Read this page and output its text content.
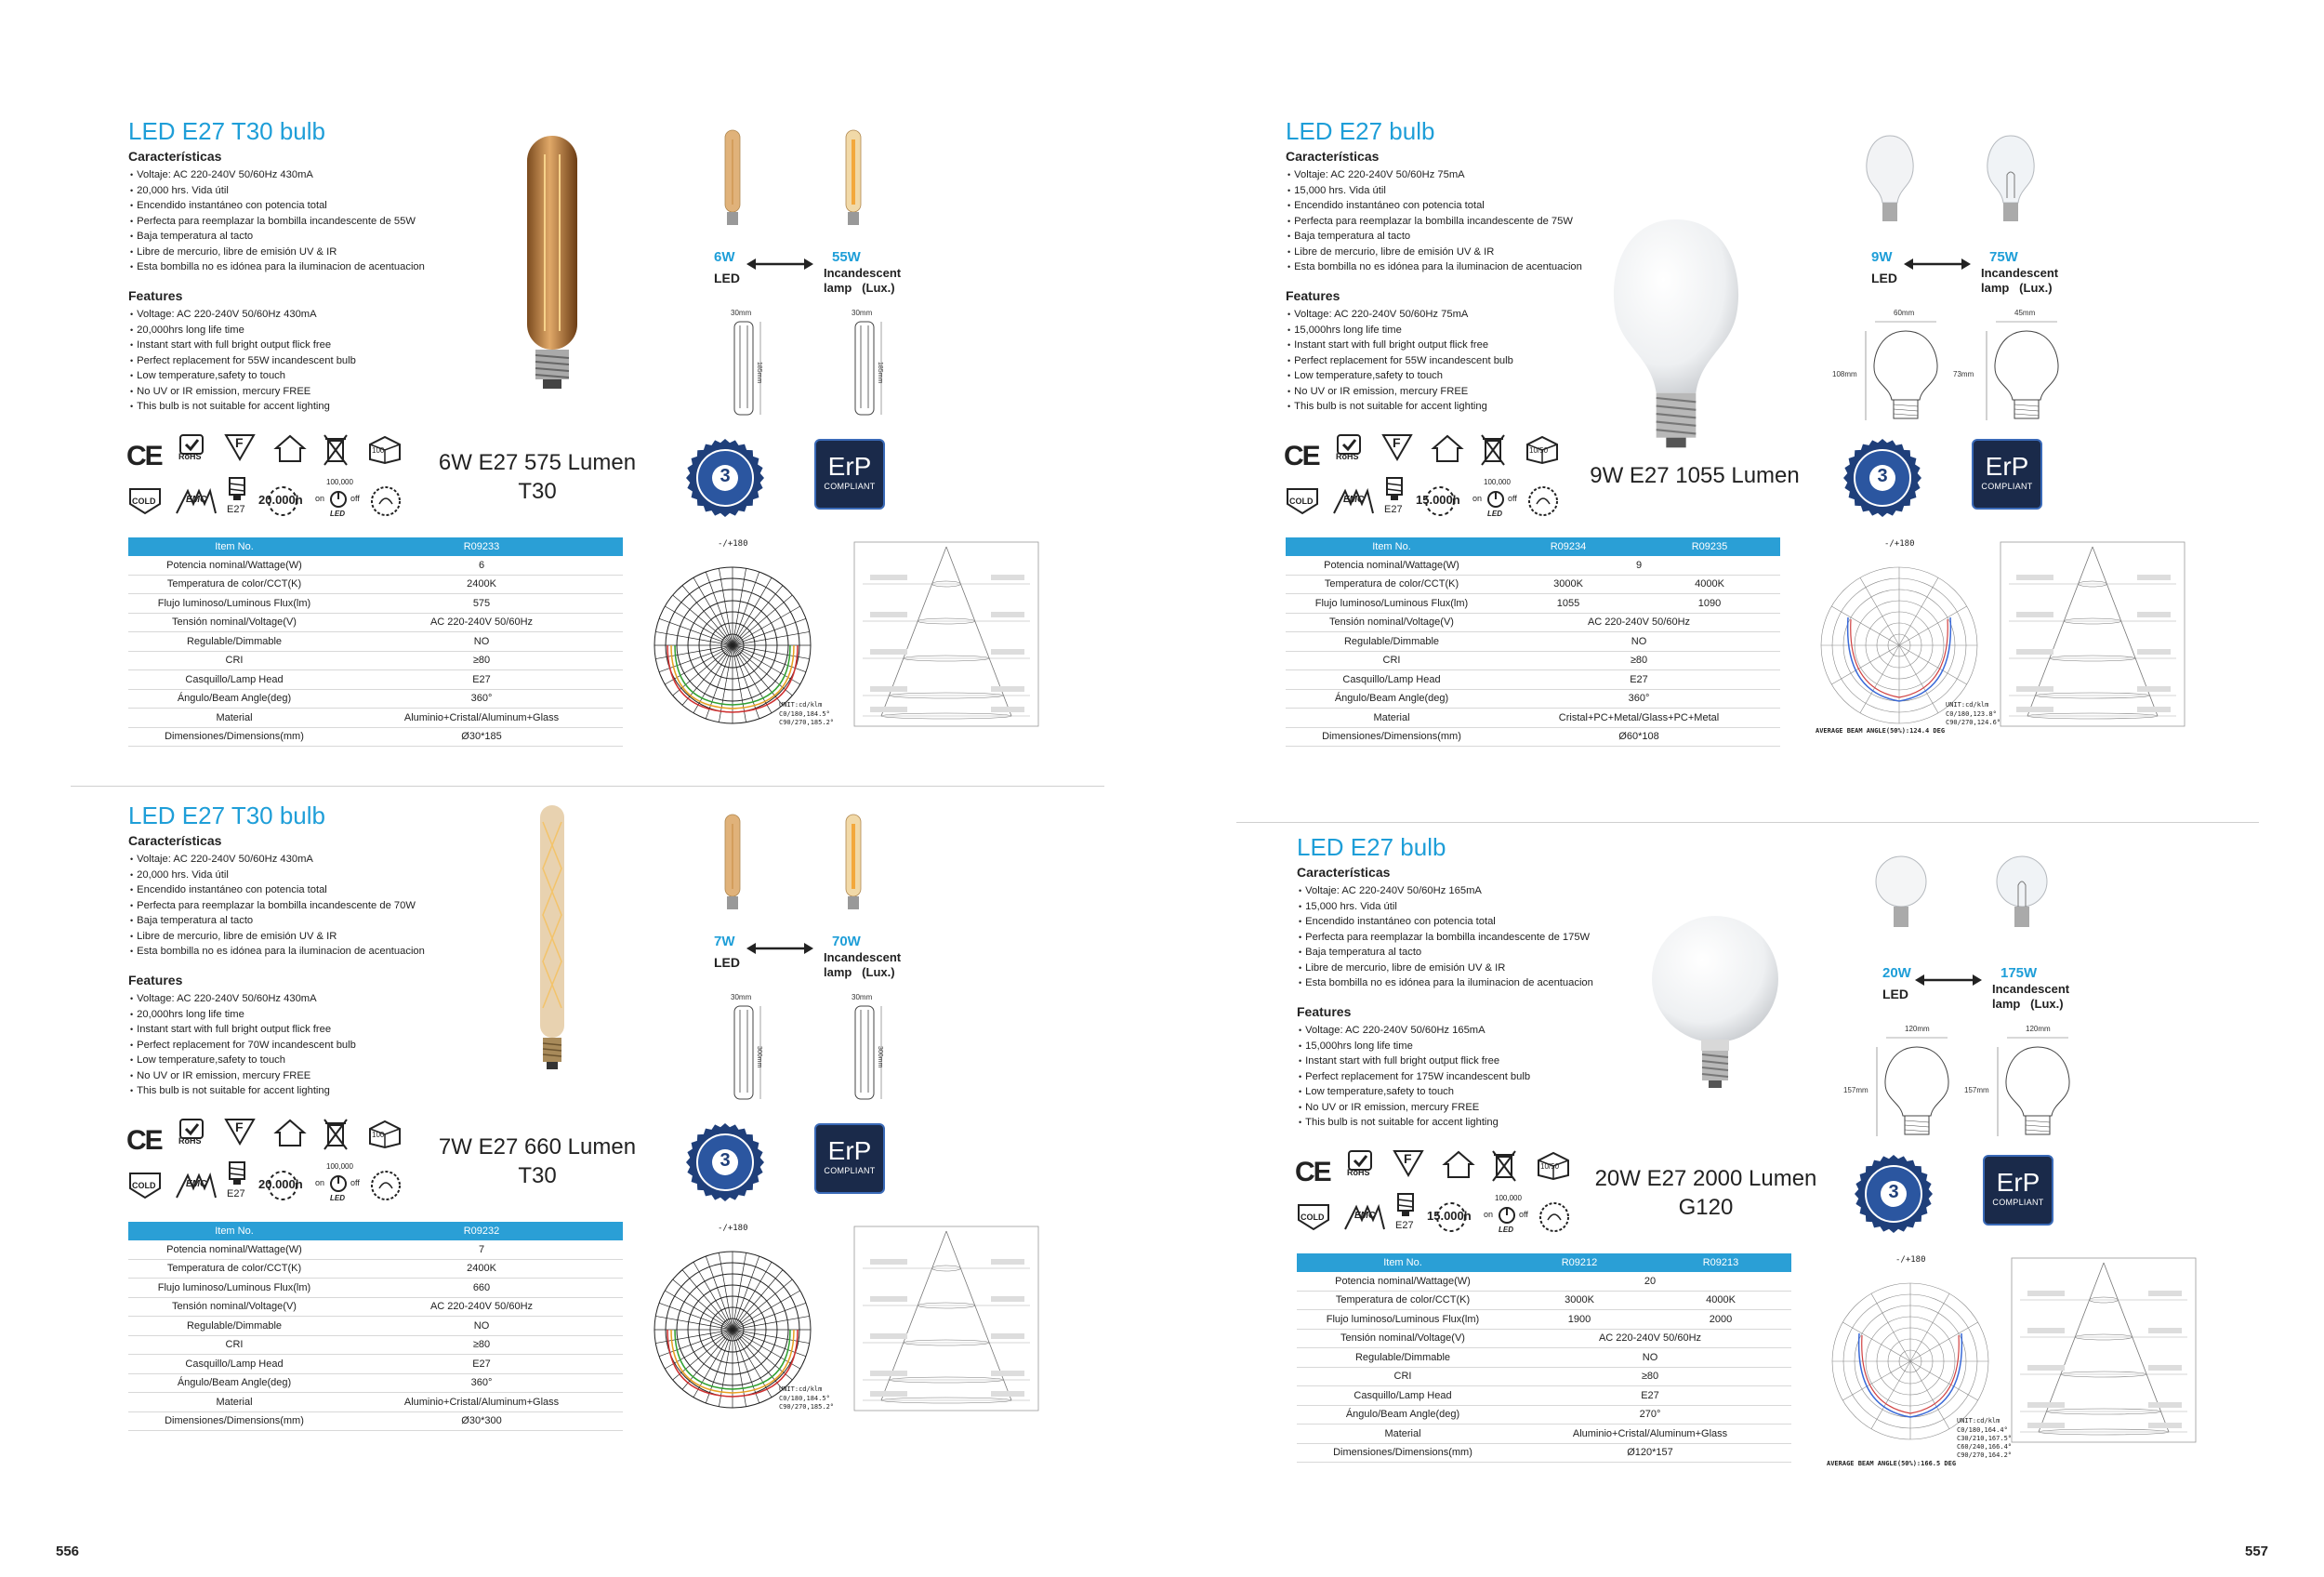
LED E27 T30 bulb
Características
• Voltaje: AC 220-240V 50/60Hz 430mA
• 20,000 hrs. Vida útil
• Encendido instantáneo con potencia total
• Perfecta para reemplazar la bombilla incandescente de 55W
• Baja temperatura al tacto
• Libre de mercurio, libre de emisión UV & IR
• Esta bombilla no es idónea para la iluminacion de acentuacion
Features
• Voltage: AC 220-240V 50/60Hz 430mA
• 20,000hrs long life time
• Instant start with full bright output flick free
• Perfect replacement for 55W incandescent bulb
• Low temperature,safety to touch
• No UV or IR emission, mercury FREE
• This bulb is not suitable for accent lighting
6W
LED
55W
Incandescent
lamp   (Lux.)
30mm
185mm
30mm
185mm
CE RoHS
F
100
COLD	EMC
E27
20.000h
100,000
on	off
LED
6W E27 575 Lumen
T30
3	ErP
COMPLIANT
Item No.	R09233
Potencia nominal/Wattage(W)	6
Temperatura de color/CCT(K)	2400K
Flujo luminoso/Luminous Flux(lm)	575
Tensión nominal/Voltage(V)	AC 220-240V 50/60Hz
Regulable/Dimmable	NO
CRI	≥80
Casquillo/Lamp Head	E27
Ángulo/Beam Angle(deg)	360°
Material	Aluminio+Cristal/Aluminum+Glass
Dimensiones/Dimensions(mm)	Ø30*185
-/+180
UNIT:cd/klm
C0/180,184.5°
C90/270,185.2°
LED E27 T30 bulb
Características
• Voltaje: AC 220-240V 50/60Hz 430mA
• 20,000 hrs. Vida útil
• Encendido instantáneo con potencia total
• Perfecta para reemplazar la bombilla incandescente de 70W
• Baja temperatura al tacto
• Libre de mercurio, libre de emisión UV & IR
• Esta bombilla no es idónea para la iluminacion de acentuacion
Features
• Voltage: AC 220-240V 50/60Hz 430mA
• 20,000hrs long life time
• Instant start with full bright output flick free
• Perfect replacement for 70W incandescent bulb
• Low temperature,safety to touch
• No UV or IR emission, mercury FREE
• This bulb is not suitable for accent lighting
7W
LED
70W
Incandescent
lamp   (Lux.)
30mm
300mm
30mm
300mm
CE RoHS
F
100
COLD	EMC
E27
20.000h
100,000
on	off
LED
7W E27 660 Lumen
T30
3	ErP
COMPLIANT
Item No.	R09232
Potencia nominal/Wattage(W)	7
Temperatura de color/CCT(K)	2400K
Flujo luminoso/Luminous Flux(lm)	660
Tensión nominal/Voltage(V)	AC 220-240V 50/60Hz
Regulable/Dimmable	NO
CRI	≥80
Casquillo/Lamp Head	E27
Ángulo/Beam Angle(deg)	360°
Material	Aluminio+Cristal/Aluminum+Glass
Dimensiones/Dimensions(mm)	Ø30*300
-/+180
UNIT:cd/klm
C0/180,184.5°
C90/270,185.2°
LED E27 bulb
Características
• Voltaje: AC 220-240V 50/60Hz 75mA
• 15,000 hrs. Vida útil
• Encendido instantáneo con potencia total
• Perfecta para reemplazar la bombilla incandescente de 75W
• Baja temperatura al tacto
• Libre de mercurio, libre de emisión UV & IR
• Esta bombilla no es idónea para la iluminacion de acentuacion
Features
• Voltage: AC 220-240V 50/60Hz 75mA
• 15,000hrs long life time
• Instant start with full bright output flick free
• Perfect replacement for 55W incandescent bulb
• Low temperature,safety to touch
• No UV or IR emission, mercury FREE
• This bulb is not suitable for accent lighting
9W
LED
75W
Incandescent
lamp   (Lux.)
60mm
108mm
45mm
73mm
CE RoHS
F
10/50
COLD	EMC
E27
15.000h
100,000
on	off
LED
9W E27 1055 Lumen	3	ErP
COMPLIANT
Item No.	R09234	R09235
Potencia nominal/Wattage(W)	9	
Temperatura de color/CCT(K)	3000K	4000K
Flujo luminoso/Luminous Flux(lm)	1055	1090
Tensión nominal/Voltage(V)	AC 220-240V 50/60Hz	
Regulable/Dimmable	NO	
CRI	≥80	
Casquillo/Lamp Head	E27	
Ángulo/Beam Angle(deg)	360°	
Material	Cristal+PC+Metal/Glass+PC+Metal	
Dimensiones/Dimensions(mm)	Ø60*108	
-/+180
UNIT:cd/klm
C0/180,123.8°
C90/270,124.6°
AVERAGE BEAM ANGLE(50%):124.4 DEG
LED E27 bulb
Características
• Voltaje: AC 220-240V 50/60Hz 165mA
• 15,000 hrs. Vida útil
• Encendido instantáneo con potencia total
• Perfecta para reemplazar la bombilla incandescente de 175W
• Baja temperatura al tacto
• Libre de mercurio, libre de emisión UV & IR
• Esta bombilla no es idónea para la iluminacion de acentuacion
Features
• Voltage: AC 220-240V 50/60Hz 165mA
• 15,000hrs long life time
• Instant start with full bright output flick free
• Perfect replacement for 175W incandescent bulb
• Low temperature,safety to touch
• No UV or IR emission, mercury FREE
• This bulb is not suitable for accent lighting
20W
LED
175W
Incandescent
lamp   (Lux.)
120mm
157mm
120mm
157mm
CE RoHS
F
10/50
COLD	EMC
E27
15.000h
100,000
on	off
LED
20W E27 2000 Lumen
G120
3	ErP
COMPLIANT
Item No.	R09212	R09213
Potencia nominal/Wattage(W)	20	
Temperatura de color/CCT(K)	3000K	4000K
Flujo luminoso/Luminous Flux(lm)	1900	2000
Tensión nominal/Voltage(V)	AC 220-240V 50/60Hz	
Regulable/Dimmable	NO	
CRI	≥80	
Casquillo/Lamp Head	E27	
Ángulo/Beam Angle(deg)	270°	
Material	Aluminio+Cristal/Aluminum+Glass	
Dimensiones/Dimensions(mm)	Ø120*157	
-/+180
UNIT:cd/klm
C0/180,164.4°
C30/210,167.5°
C60/240,166.4°
C90/270,164.2°
AVERAGE BEAM ANGLE(50%):166.5 DEG
556	557
